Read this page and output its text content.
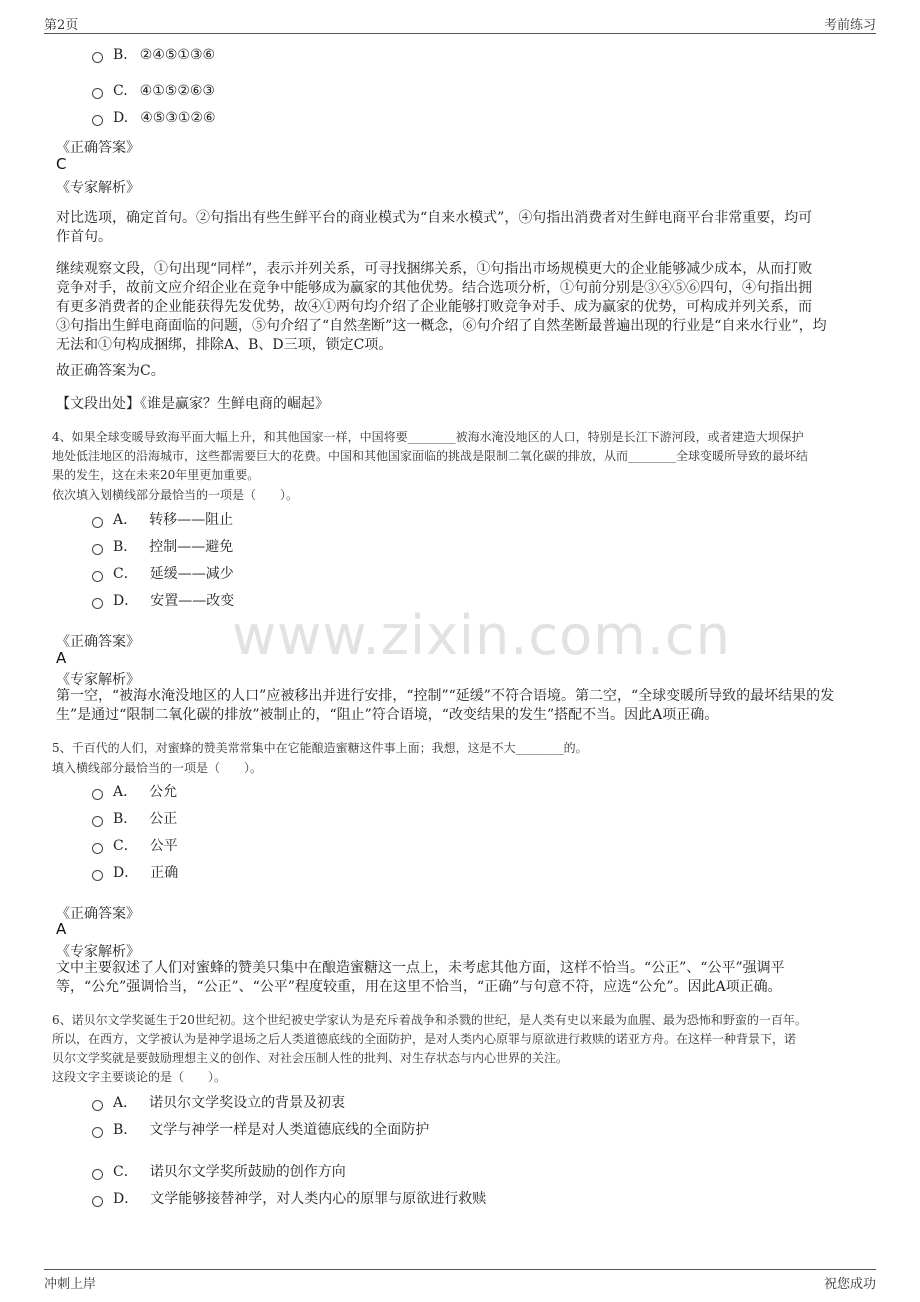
第2页	考前练习
www.zixin.com.cn
B. ②④⑤①③⑥
C. ④①⑤②⑥③
D. ④⑤③①②⑥
《正确答案》
C
《专家解析》
对比选项，确定首句。②句指出有些生鲜平台的商业模式为“自来水模式”，④句指出消费者对生鲜电商平台非常重要，均可
作首句。
继续观察文段，①句出现“同样”，表示并列关系，可寻找捆绑关系，①句指出市场规模更大的企业能够减少成本，从而打败
竞争对手，故前文应介绍企业在竞争中能够成为赢家的其他优势。结合选项分析，①句前分别是③④⑤⑥四句，④句指出拥
有更多消费者的企业能获得先发优势，故④①两句均介绍了企业能够打败竞争对手、成为赢家的优势，可构成并列关系，而
③句指出生鲜电商面临的问题，⑤句介绍了“自然垄断”这一概念，⑥句介绍了自然垄断最普遍出现的行业是“自来水行业”，均
无法和①句构成捆绑，排除A、B、D三项，锁定C项。
故正确答案为C。
【文段出处】《谁是赢家？生鲜电商的崛起》
4、如果全球变暖导致海平面大幅上升，和其他国家一样，中国将要________被海水淹没地区的人口，特别是长江下游河段，或者建造大坝保护
地处低洼地区的沿海城市，这些都需要巨大的花费。中国和其他国家面临的挑战是限制二氧化碳的排放，从而________全球变暖所导致的最坏结
果的发生，这在未来20年里更加重要。
依次填入划横线部分最恰当的一项是（　　）。
A． 转移——阻止
B． 控制——避免
C． 延缓——减少
D． 安置——改变
《正确答案》
A
《专家解析》
第一空，“被海水淹没地区的人口”应被移出并进行安排，“控制”“延缓”不符合语境。第二空，“全球变暖所导致的最坏结果的发
生”是通过“限制二氧化碳的排放”被制止的，“阻止”符合语境，“改变结果的发生”搭配不当。因此A项正确。
5、千百代的人们，对蜜蜂的赞美常常集中在它能酿造蜜糖这件事上面；我想，这是不大________的。
填入横线部分最恰当的一项是（　　）。
A． 公允
B． 公正
C． 公平
D． 正确
《正确答案》
A
《专家解析》
文中主要叙述了人们对蜜蜂的赞美只集中在酿造蜜糖这一点上，未考虑其他方面，这样不恰当。“公正”、“公平”强调平
等，“公允”强调恰当，“公正”、“公平”程度较重，用在这里不恰当，“正确”与句意不符，应选“公允”。因此A项正确。
6、诺贝尔文学奖诞生于20世纪初。这个世纪被史学家认为是充斥着战争和杀戮的世纪，是人类有史以来最为血腥、最为恐怖和野蛮的一百年。
所以，在西方，文学被认为是神学退场之后人类道德底线的全面防护，是对人类内心原罪与原欲进行救赎的诺亚方舟。在这样一种背景下，诺
贝尔文学奖就是要鼓励理想主义的创作、对社会压制人性的批判、对生存状态与内心世界的关注。
这段文字主要谈论的是（　　）。
A． 诺贝尔文学奖设立的背景及初衷
B． 文学与神学一样是对人类道德底线的全面防护
C． 诺贝尔文学奖所鼓励的创作方向
D． 文学能够接替神学，对人类内心的原罪与原欲进行救赎
冲刺上岸	祝您成功
